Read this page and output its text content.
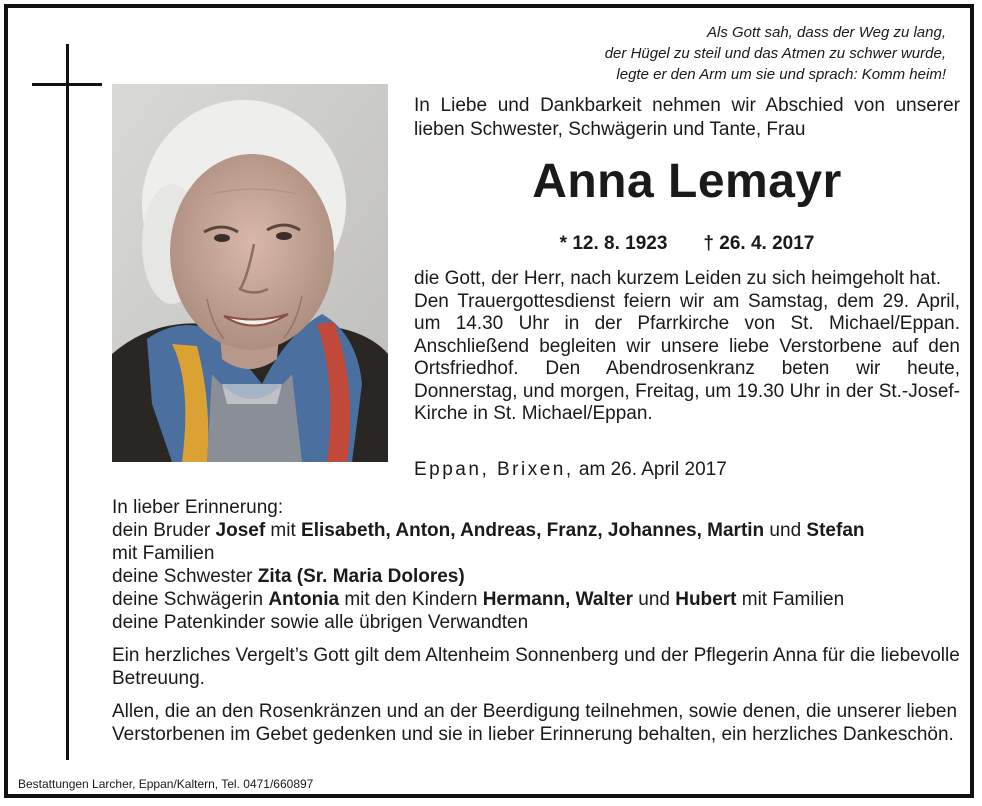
Als Gott sah, dass der Weg zu lang,
der Hügel zu steil und das Atmen zu schwer wurde,
legte er den Arm um sie und sprach: Komm heim!
In Liebe und Dankbarkeit nehmen wir Abschied von unserer lieben Schwester, Schwägerin und Tante, Frau
Anna Lemayr
* 12. 8. 1923 † 26. 4. 2017

die Gott, der Herr, nach kurzem Leiden zu sich heimgeholt hat.

Den Trauergottesdienst feiern wir am Samstag, dem 29. April, um 14.30 Uhr in der Pfarrkirche von St. Michael/Eppan. Anschließend begleiten wir unsere liebe Verstorbene auf den Ortsfriedhof. Den Abendrosenkranz beten wir heute, Donnerstag, und morgen, Freitag, um 19.30 Uhr in der St.-Josef-Kirche in St. Michael/Eppan.

Eppan, Brixen, am 26. April 2017
In lieber Erinnerung:
dein Bruder Josef mit Elisabeth, Anton, Andreas, Franz, Johannes, Martin und Stefan
mit Familien
deine Schwester Zita (Sr. Maria Dolores)
deine Schwägerin Antonia mit den Kindern Hermann, Walter und Hubert mit Familien
deine Patenkinder sowie alle übrigen Verwandten
Ein herzliches Vergelt’s Gott gilt dem Altenheim Sonnenberg und der Pflegerin Anna für die liebevolle Betreuung.
Allen, die an den Rosenkränzen und an der Beerdigung teilnehmen, sowie denen, die unserer lieben Verstorbenen im Gebet gedenken und sie in lieber Erinnerung behalten, ein herzliches Dankeschön.
Bestattungen Larcher, Eppan/Kaltern, Tel. 0471/660897
